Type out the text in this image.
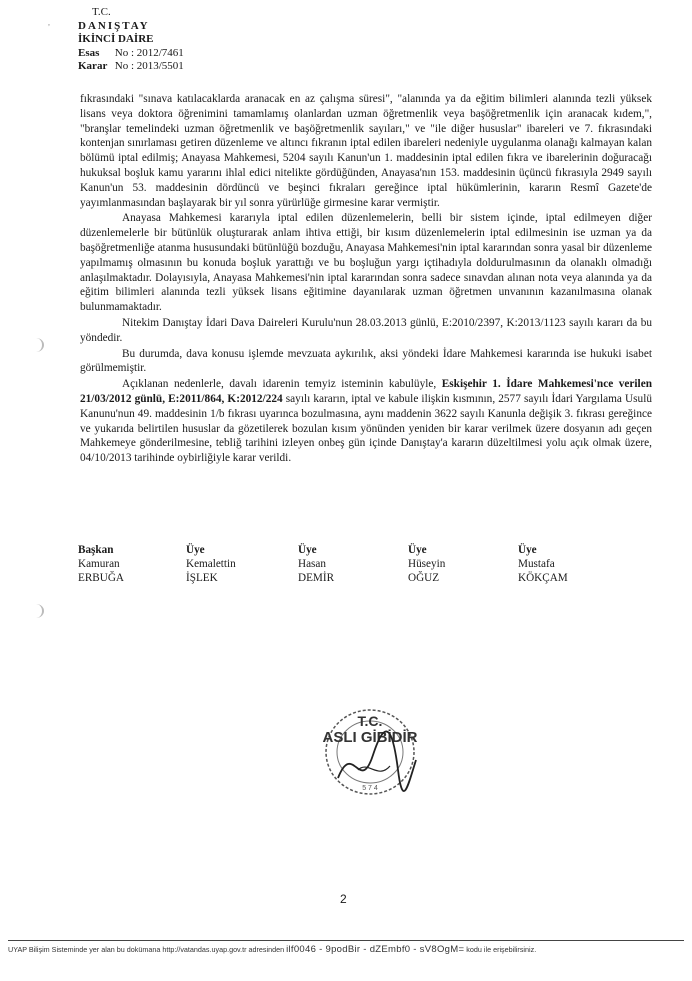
,
T.C.
DANIŞTAY
İKİNCİ DAİRE
Esas No : 2012/7461
Karar No : 2013/5501

fıkrasındaki "sınava katılacaklarda aranacak en az çalışma süresi", "alanında ya da eğitim bilimleri alanında tezli yüksek lisans veya doktora öğrenimini tamamlamış olanlardan uzman öğretmenlik veya başöğretmenlik için aranacak kıdem,", "branşlar temelindeki uzman öğretmenlik ve başöğretmenlik sayıları," ve "ile diğer hususlar" ibareleri ve 7. fıkrasındaki kontenjan sınırlaması getiren düzenleme ve altıncı fıkranın iptal edilen ibareleri nedeniyle uygulanma olanağı kalmayan kalan bölümü iptal edilmiş; Anayasa Mahkemesi, 5204 sayılı Kanun'un 1. maddesinin iptal edilen fıkra ve ibarelerinin doğuracağı hukuksal boşluk kamu yararını ihlal edici nitelikte gördüğünden, Anayasa'nın 153. maddesinin üçüncü fıkrasıyla 2949 sayılı Kanun'un 53. maddesinin dördüncü ve beşinci fıkraları gereğince iptal hükümlerinin, kararın Resmî Gazete'de yayımlanmasından başlayarak bir yıl sonra yürürlüğe girmesine karar vermiştir.

Anayasa Mahkemesi kararıyla iptal edilen düzenlemelerin, belli bir sistem içinde, iptal edilmeyen diğer düzenlemelerle bir bütünlük oluşturarak anlam ihtiva ettiği, bir kısım düzenlemelerin iptal edilmesinin ise uzman ya da başöğretmenliğe atanma hususundaki bütünlüğü bozduğu, Anayasa Mahkemesi'nin iptal kararından sonra yasal bir düzenleme yapılmamış olmasının bu konuda boşluk yarattığı ve bu boşluğun yargı içtihadıyla doldurulmasının da olanaklı olmadığı anlaşılmaktadır. Dolayısıyla, Anayasa Mahkemesi'nin iptal kararından sonra sadece sınavdan alınan nota veya alanında ya da eğitim bilimleri alanında tezli yüksek lisans eğitimine dayanılarak uzman öğretmen unvanının kazanılmasına olanak bulunmamaktadır.

Nitekim Danıştay İdari Dava Daireleri Kurulu'nun 28.03.2013 günlü, E:2010/2397, K:2013/1123 sayılı kararı da bu yöndedir.

Bu durumda, dava konusu işlemde mevzuata aykırılık, aksi yöndeki İdare Mahkemesi kararında ise hukuki isabet görülmemiştir.

Açıklanan nedenlerle, davalı idarenin temyiz isteminin kabulüyle, Eskişehir 1. İdare Mahkemesi'nce verilen 21/03/2012 günlü, E:2011/864, K:2012/224 sayılı kararın, iptal ve kabule ilişkin kısmının, 2577 sayılı İdari Yargılama Usulü Kanunu'nun 49. maddesinin 1/b fıkrası uyarınca bozulmasına, aynı maddenin 3622 sayılı Kanunla değişik 3. fıkrası gereğince ve yukarıda belirtilen hususlar da gözetilerek bozulan kısım yönünden yeniden bir karar verilmek üzere dosyanın adı geçen Mahkemeye gönderilmesine, tebliğ tarihini izleyen onbeş gün içinde Danıştay'a kararın düzeltilmesi yolu açık olmak üzere, 04/10/2013 tarihinde oybirliğiyle karar verildi.

Başkan
Kamuran
ERBUĞA
Üye
Kemalettin
İŞLEK
Üye
Hasan
DEMİR
Üye
Hüseyin
OĞUZ
Üye
Mustafa
KÖKÇAM
T.C.
ASLI GİBİDİR
5 7 4
2
UYAP Bilişim Sisteminde yer alan bu dokümana http://vatandas.uyap.gov.tr adresinden ilf0046 - 9podBir - dZEmbf0 - sV8OgM= kodu ile erişebilirsiniz.
